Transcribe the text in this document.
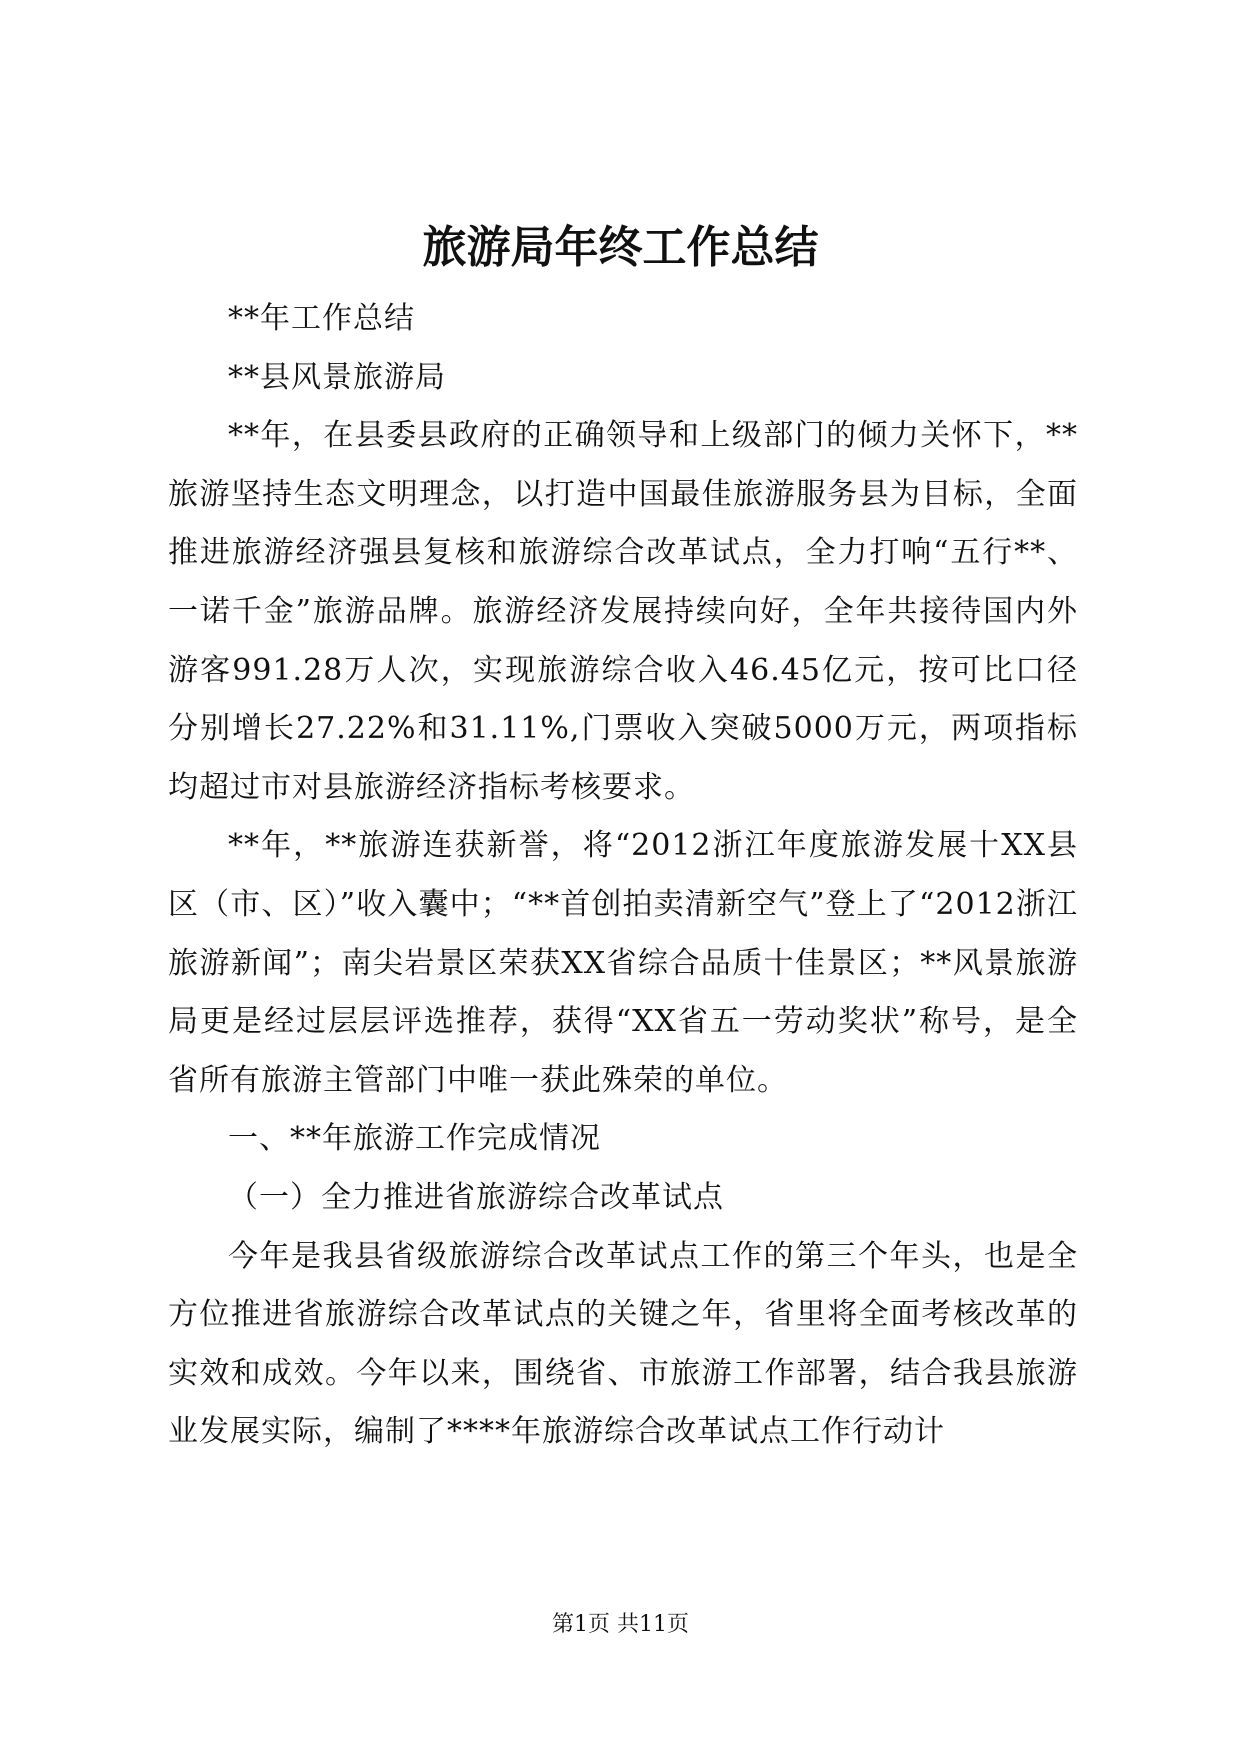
旅游局年终工作总结

**年工作总结

**县风景旅游局

**年，在县委县政府的正确领导和上级部门的倾力关怀下，**旅游坚持生态文明理念，以打造中国最佳旅游服务县为目标，全面推进旅游经济强县复核和旅游综合改革试点，全力打响“五行**、一诺千金”旅游品牌。旅游经济发展持续向好，全年共接待国内外游客991.28万人次，实现旅游综合收入46.45亿元，按可比口径分别增长27.22%和31.11%,门票收入突破5000万元，两项指标均超过市对县旅游经济指标考核要求。

**年，**旅游连获新誉，将“2012浙江年度旅游发展十XX县区（市、区）”收入囊中；“**首创拍卖清新空气”登上了“2012浙江旅游新闻”；南尖岩景区荣获XX省综合品质十佳景区；**风景旅游局更是经过层层评选推荐，获得“XX省五一劳动奖状”称号，是全省所有旅游主管部门中唯一获此殊荣的单位。

一、**年旅游工作完成情况

（一）全力推进省旅游综合改革试点

今年是我县省级旅游综合改革试点工作的第三个年头，也是全方位推进省旅游综合改革试点的关键之年，省里将全面考核改革的实效和成效。今年以来，围绕省、市旅游工作部署，结合我县旅游业发展实际，编制了****年旅游综合改革试点工作行动计

第1页 共11页
